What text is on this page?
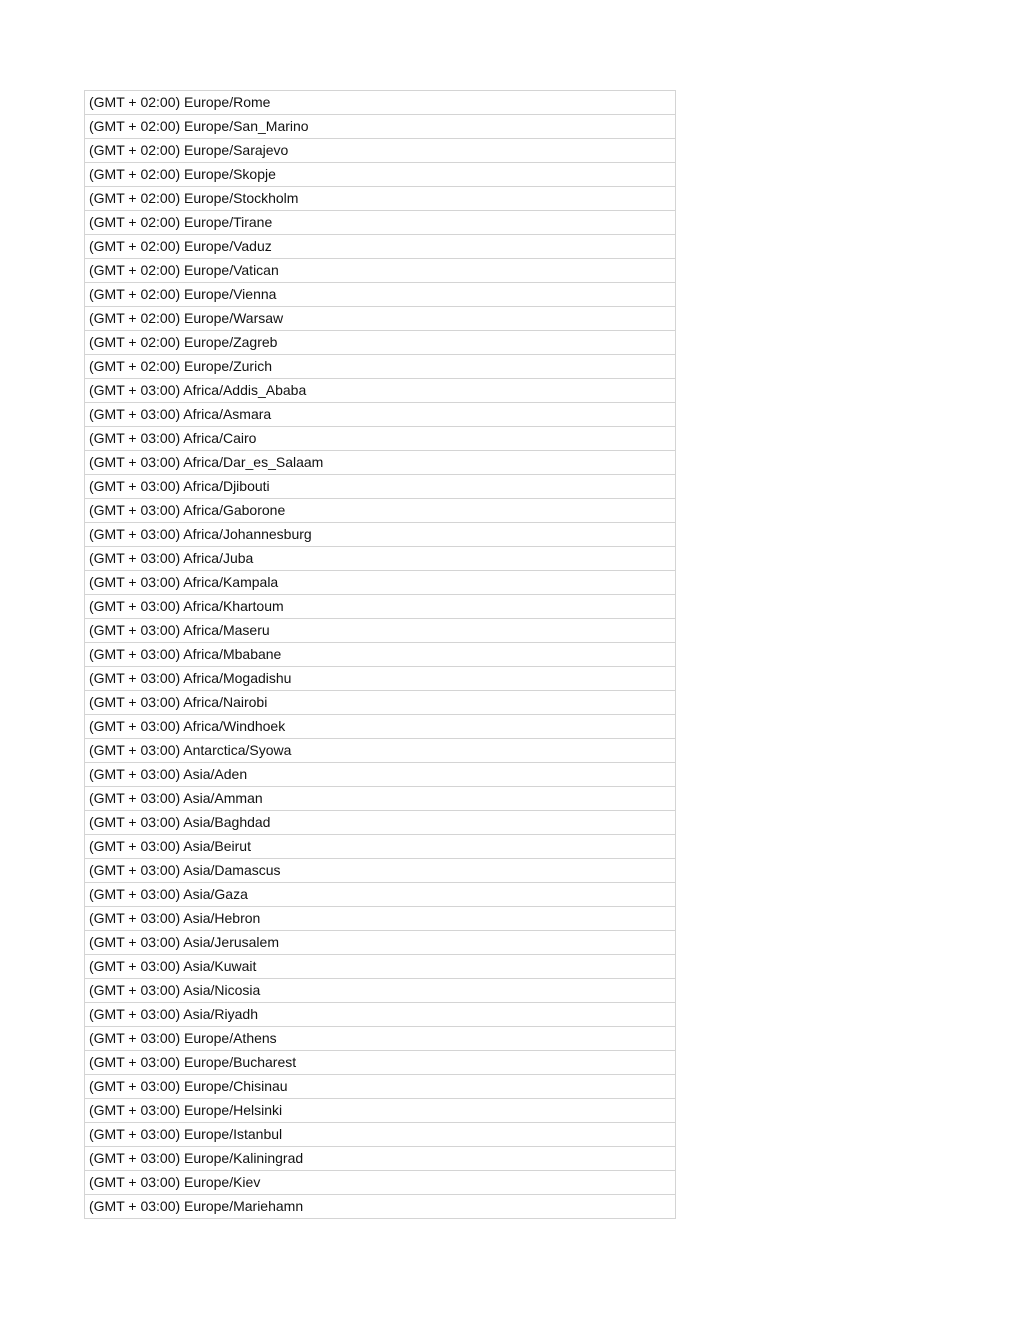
(GMT + 02:00) Europe/Rome
(GMT + 02:00) Europe/San_Marino
(GMT + 02:00) Europe/Sarajevo
(GMT + 02:00) Europe/Skopje
(GMT + 02:00) Europe/Stockholm
(GMT + 02:00) Europe/Tirane
(GMT + 02:00) Europe/Vaduz
(GMT + 02:00) Europe/Vatican
(GMT + 02:00) Europe/Vienna
(GMT + 02:00) Europe/Warsaw
(GMT + 02:00) Europe/Zagreb
(GMT + 02:00) Europe/Zurich
(GMT + 03:00) Africa/Addis_Ababa
(GMT + 03:00) Africa/Asmara
(GMT + 03:00) Africa/Cairo
(GMT + 03:00) Africa/Dar_es_Salaam
(GMT + 03:00) Africa/Djibouti
(GMT + 03:00) Africa/Gaborone
(GMT + 03:00) Africa/Johannesburg
(GMT + 03:00) Africa/Juba
(GMT + 03:00) Africa/Kampala
(GMT + 03:00) Africa/Khartoum
(GMT + 03:00) Africa/Maseru
(GMT + 03:00) Africa/Mbabane
(GMT + 03:00) Africa/Mogadishu
(GMT + 03:00) Africa/Nairobi
(GMT + 03:00) Africa/Windhoek
(GMT + 03:00) Antarctica/Syowa
(GMT + 03:00) Asia/Aden
(GMT + 03:00) Asia/Amman
(GMT + 03:00) Asia/Baghdad
(GMT + 03:00) Asia/Beirut
(GMT + 03:00) Asia/Damascus
(GMT + 03:00) Asia/Gaza
(GMT + 03:00) Asia/Hebron
(GMT + 03:00) Asia/Jerusalem
(GMT + 03:00) Asia/Kuwait
(GMT + 03:00) Asia/Nicosia
(GMT + 03:00) Asia/Riyadh
(GMT + 03:00) Europe/Athens
(GMT + 03:00) Europe/Bucharest
(GMT + 03:00) Europe/Chisinau
(GMT + 03:00) Europe/Helsinki
(GMT + 03:00) Europe/Istanbul
(GMT + 03:00) Europe/Kaliningrad
(GMT + 03:00) Europe/Kiev
(GMT + 03:00) Europe/Mariehamn
